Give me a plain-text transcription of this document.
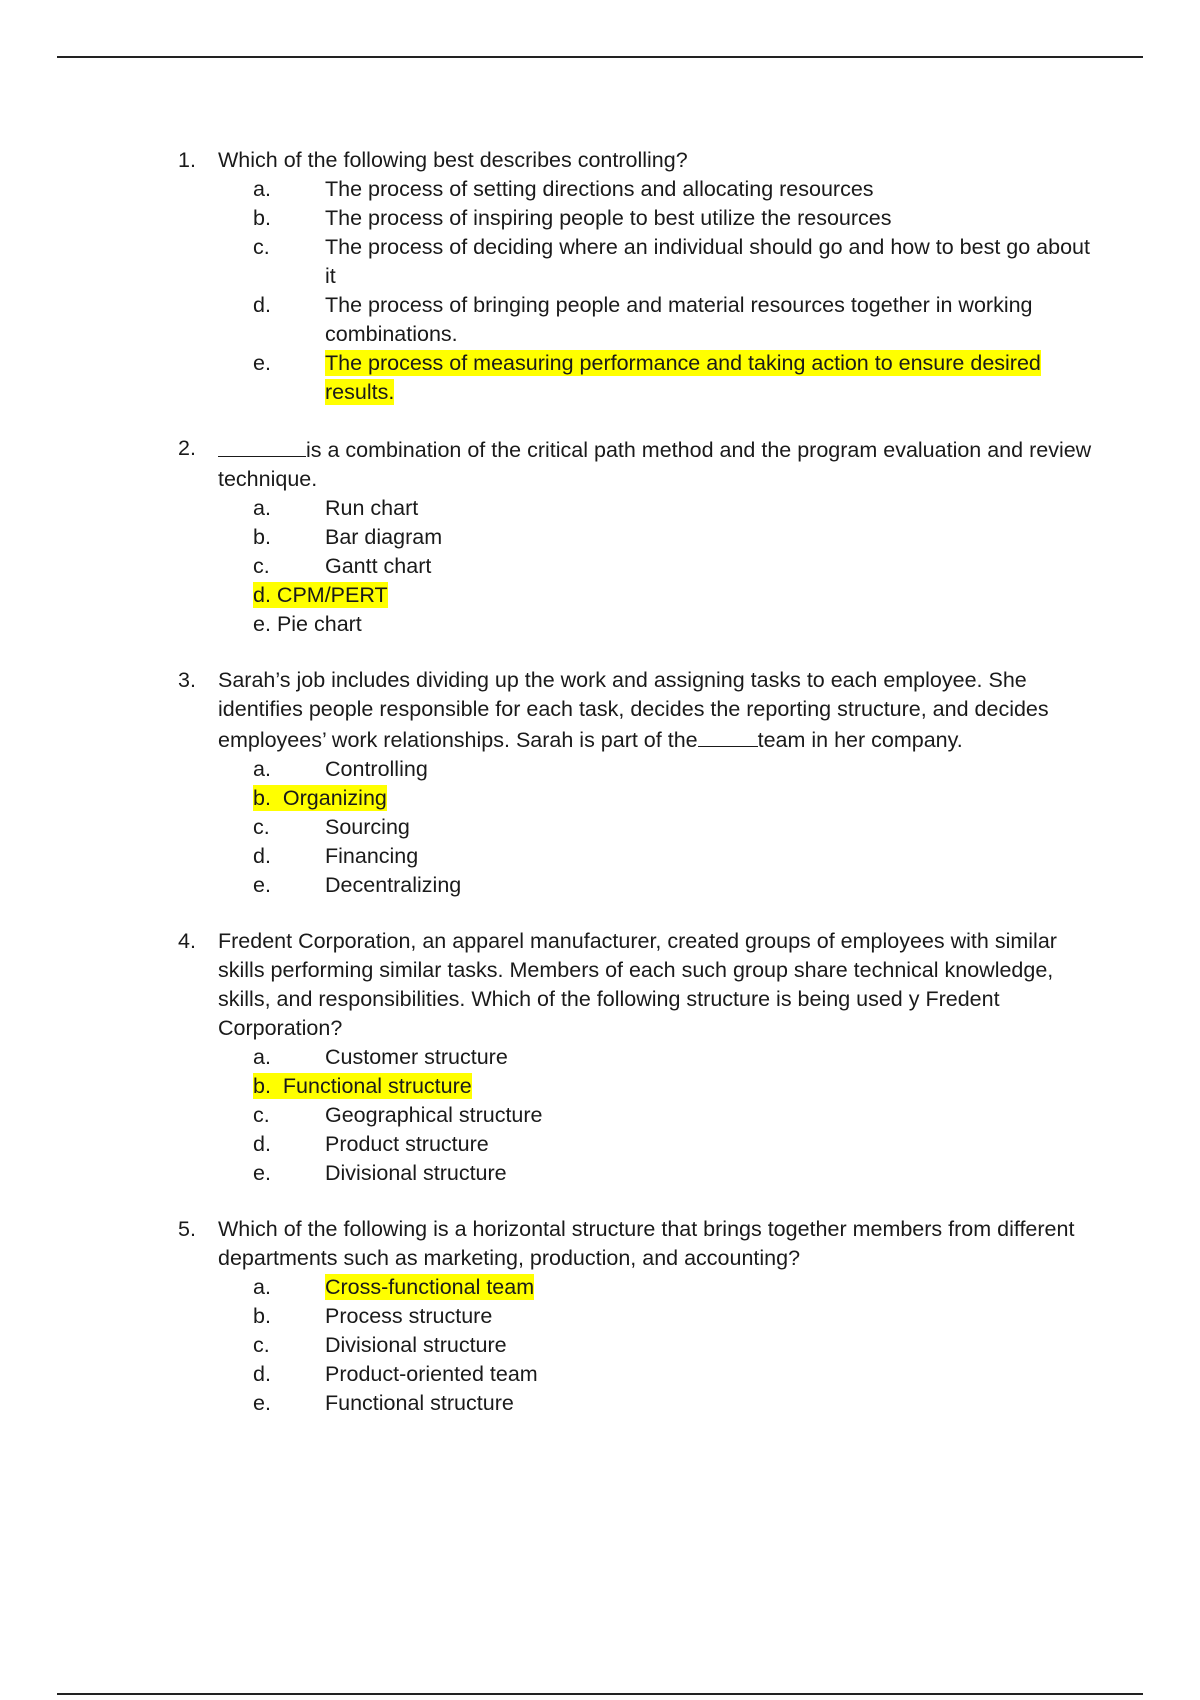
1. Which of the following best describes controlling?

a.	The process of setting directions and allocating resources
b.	The process of inspiring people to best utilize the resources
c.	The process of deciding where an individual should go and how to best go about it
d.	The process of bringing people and material resources together in working combinations.
e.	The process of measuring performance and taking action to ensure desired results.
2.	is a combination of the critical path method and the program evaluation and review technique.

a.	Run chart
b.	Bar diagram
c.	Gantt chart
d. CPM/PERT
e. Pie chart
3. Sarah’s job includes dividing up the work and assigning tasks to each employee. She identifies people responsible for each task, decides the reporting structure, and decides employees’ work relationships. Sarah is part of the	team in her company.

a.	Controlling
b. Organizing
c.	Sourcing
d.	Financing
e.	Decentralizing
4. Fredent Corporation, an apparel manufacturer, created groups of employees with similar skills performing similar tasks. Members of each such group share technical knowledge, skills, and responsibilities. Which of the following structure is being used y Fredent Corporation?

a.	Customer structure
b. Functional structure
c.	Geographical structure
d.	Product structure
e.	Divisional structure
5. Which of the following is a horizontal structure that brings together members from different departments such as marketing, production, and accounting?

a.	Cross-functional team
b.	Process structure
c.	Divisional structure
d.	Product-oriented team
e.	Functional structure
